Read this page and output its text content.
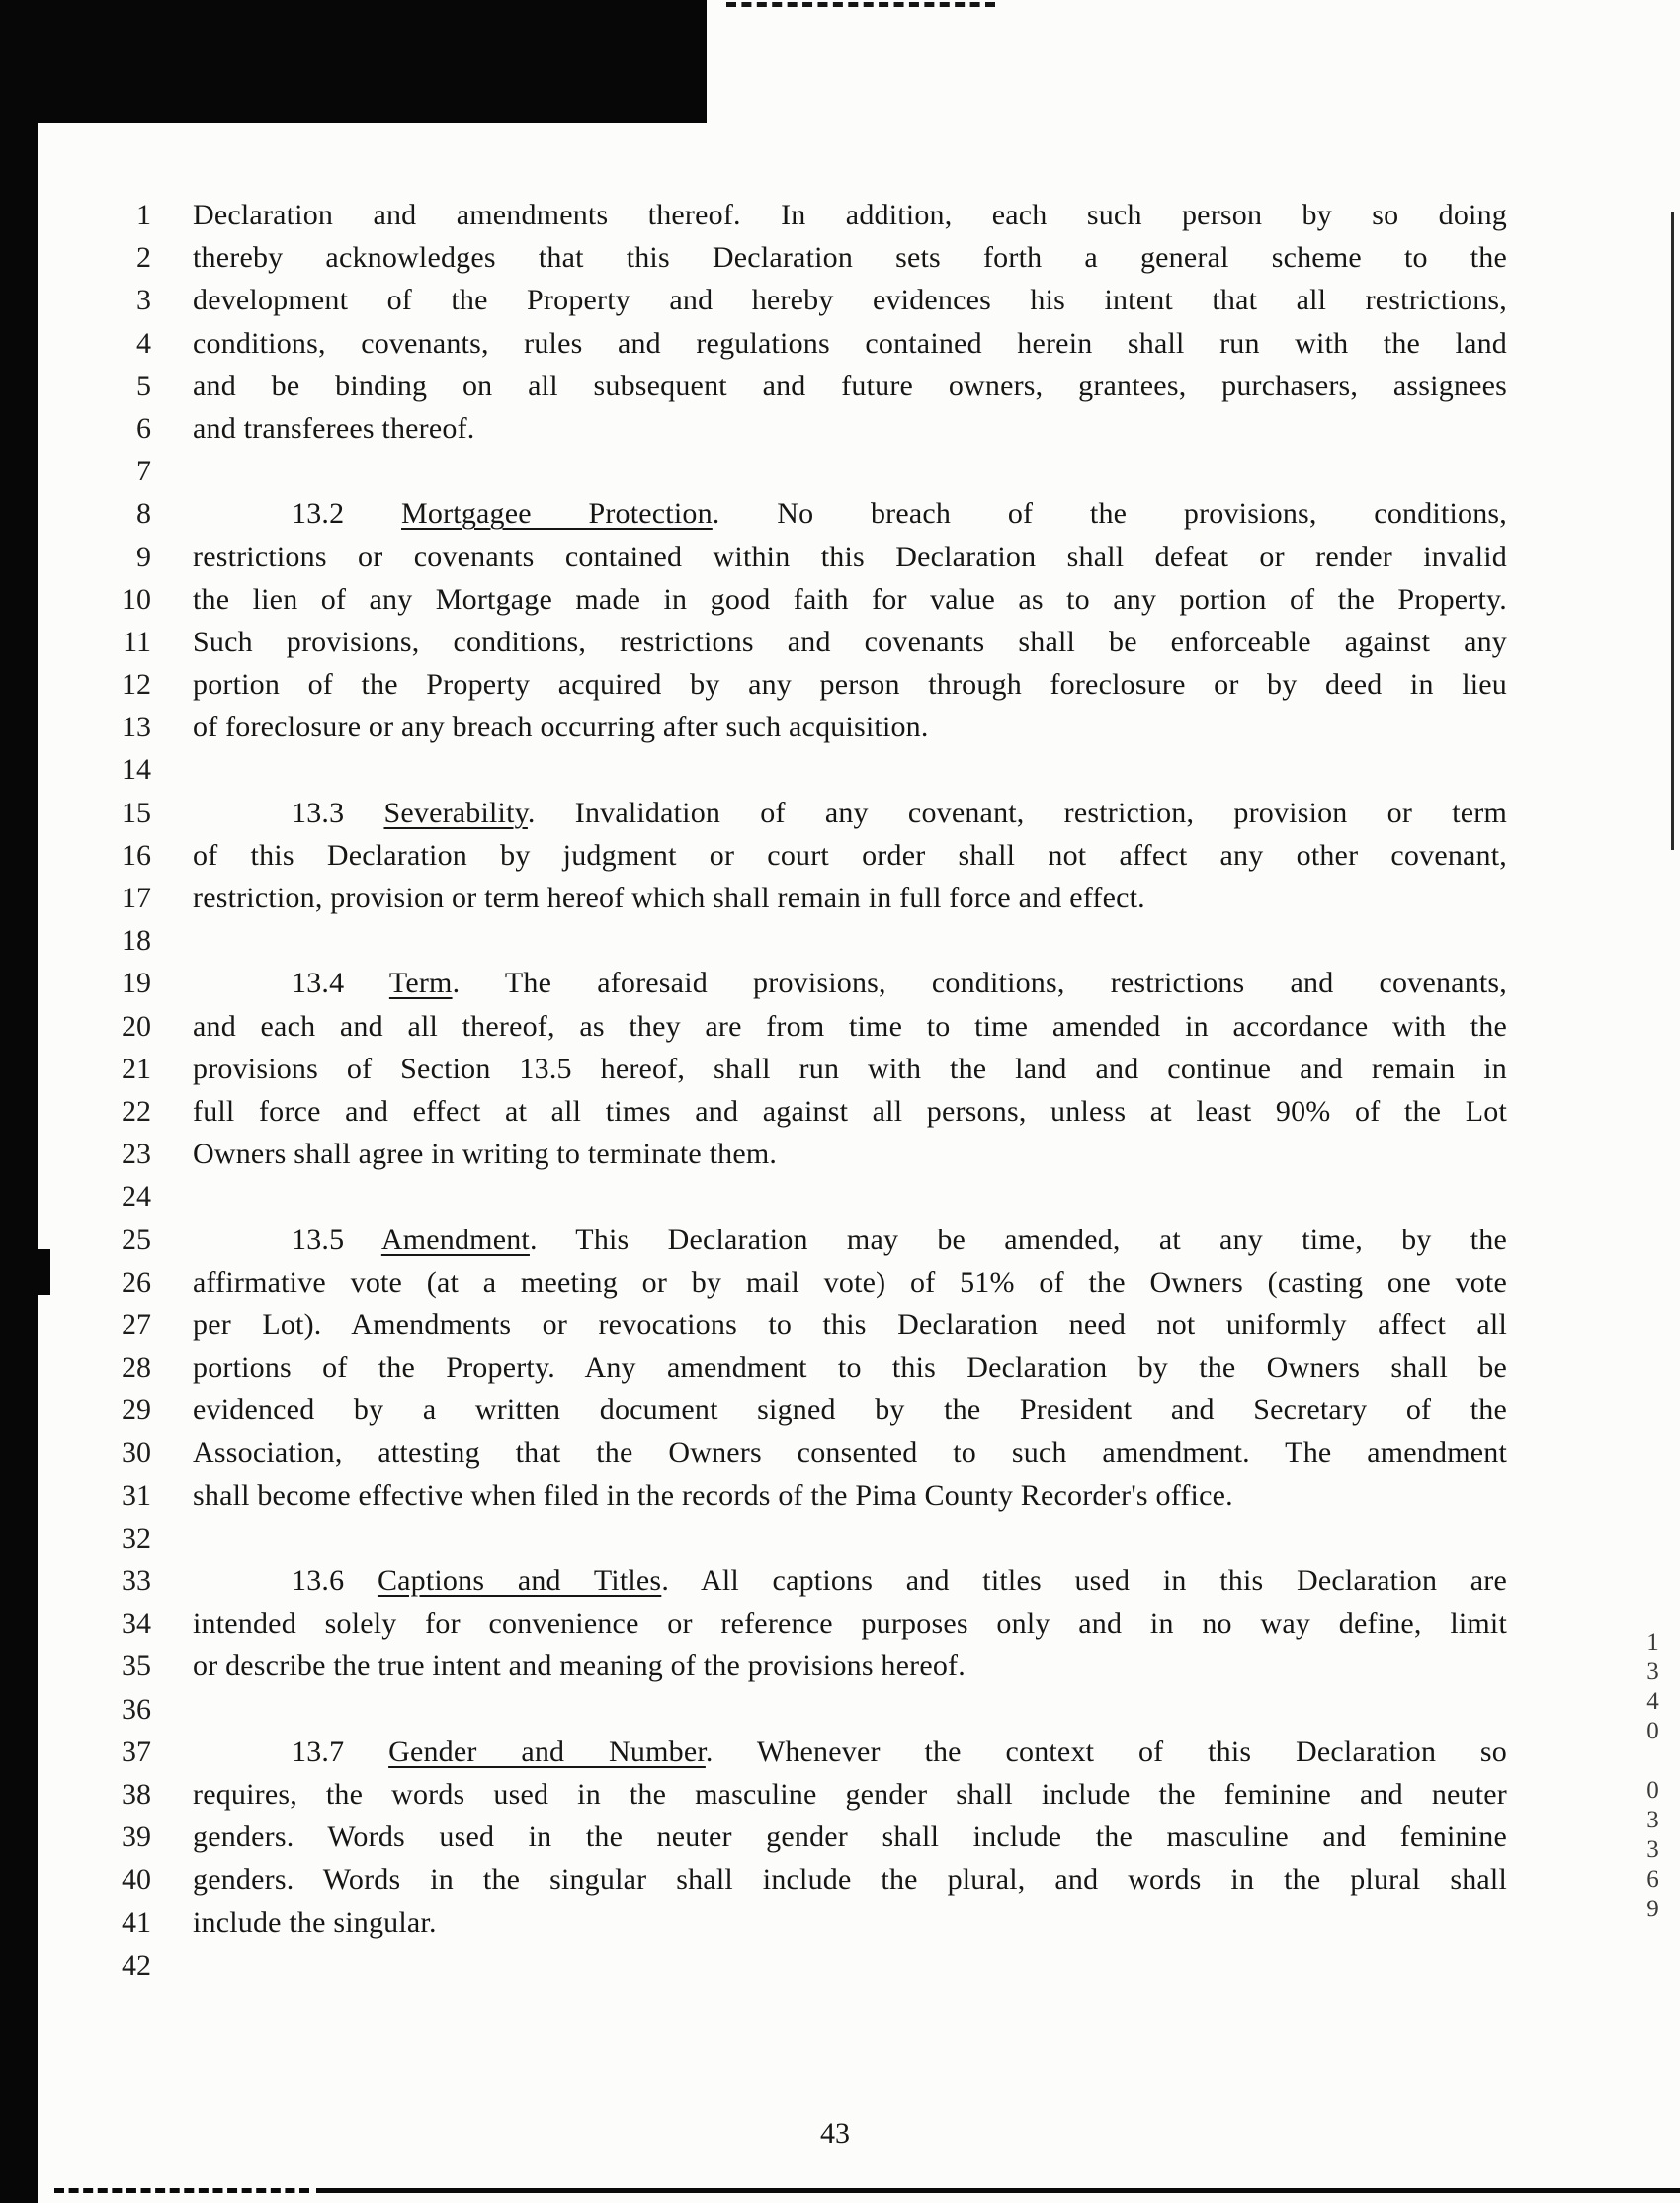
1 Declaration and amendments thereof. In addition, each such person by so doing
2 thereby acknowledges that this Declaration sets forth a general scheme to the
3 development of the Property and hereby evidences his intent that all restrictions,
4 conditions, covenants, rules and regulations contained herein shall run with the land
5 and be binding on all subsequent and future owners, grantees, purchasers, assignees
6 and transferees thereof.
7
8	13.2 Mortgagee Protection. No breach of the provisions, conditions,
9 restrictions or covenants contained within this Declaration shall defeat or render invalid
10 the lien of any Mortgage made in good faith for value as to any portion of the Property.
11 Such provisions, conditions, restrictions and covenants shall be enforceable against any
12 portion of the Property acquired by any person through foreclosure or by deed in lieu
13 of foreclosure or any breach occurring after such acquisition.
14
15	13.3 Severability. Invalidation of any covenant, restriction, provision or term
16 of this Declaration by judgment or court order shall not affect any other covenant,
17 restriction, provision or term hereof which shall remain in full force and effect.
18
19	13.4 Term. The aforesaid provisions, conditions, restrictions and covenants,
20 and each and all thereof, as they are from time to time amended in accordance with the
21 provisions of Section 13.5 hereof, shall run with the land and continue and remain in
22 full force and effect at all times and against all persons, unless at least 90% of the Lot
23 Owners shall agree in writing to terminate them.
24
25	13.5 Amendment. This Declaration may be amended, at any time, by the
26 affirmative vote (at a meeting or by mail vote) of 51% of the Owners (casting one vote
27 per Lot). Amendments or revocations to this Declaration need not uniformly affect all
28 portions of the Property. Any amendment to this Declaration by the Owners shall be
29 evidenced by a written document signed by the President and Secretary of the
30 Association, attesting that the Owners consented to such amendment. The amendment
31 shall become effective when filed in the records of the Pima County Recorder's office.
32
33	13.6 Captions and Titles. All captions and titles used in this Declaration are
34 intended solely for convenience or reference purposes only and in no way define, limit
35 or describe the true intent and meaning of the provisions hereof.
36
37	13.7 Gender and Number. Whenever the context of this Declaration so
38 requires, the words used in the masculine gender shall include the feminine and neuter
39 genders. Words used in the neuter gender shall include the masculine and feminine
40 genders. Words in the singular shall include the plural, and words in the plural shall
41 include the singular.
42
43
1340 03369
